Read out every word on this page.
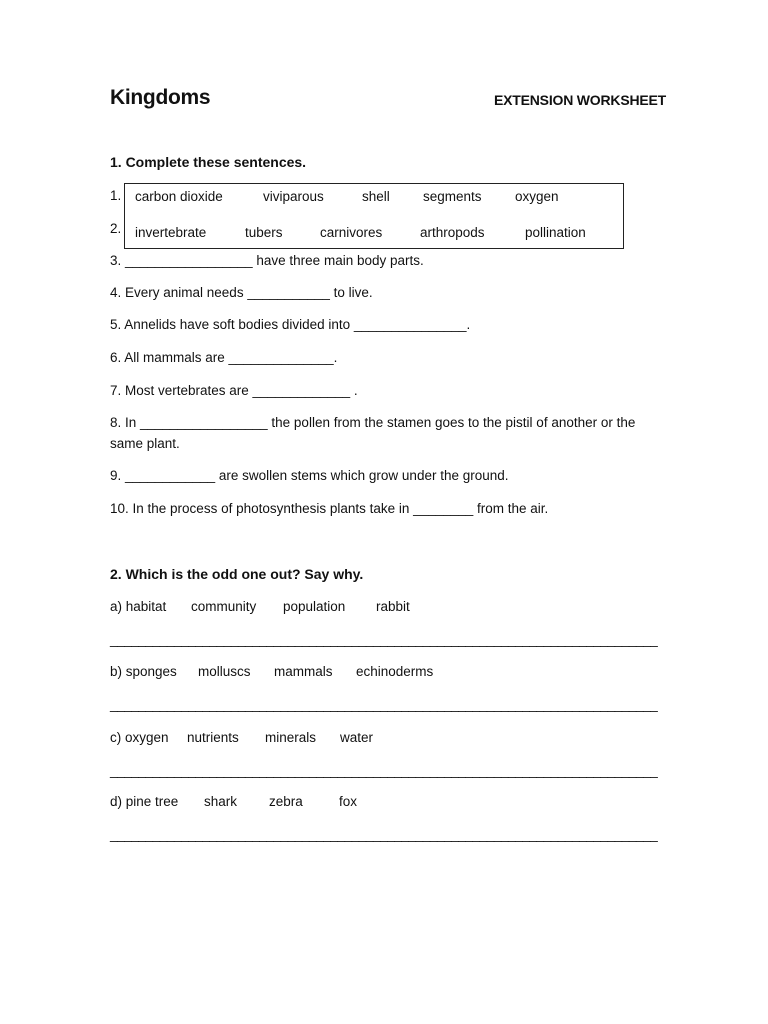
Kingdoms	EXTENSION WORKSHEET
1. Complete these sentences.
1.
2.
carbon dioxide	viviparous	shell segments oxygen
invertebrate	tubers	carnivores	arthropods	pollination
3. _________________ have three main body parts.
4. Every animal needs ___________ to live.
5. Annelids have soft bodies divided into _______________.
6. All mammals are ______________.
7. Most vertebrates are _____________ .
8. In _________________ the pollen from the stamen goes to the pistil of another or the same plant.
9. ____________ are swollen stems which grow under the ground.
10. In the process of photosynthesis plants take in ________ from the air.
2. Which is the odd one out? Say why.
a) habitat community population rabbit
_____________________________________________________________________________
b) sponges molluscs mammals echinoderms
_____________________________________________________________________________
c) oxygen nutrients minerals water
_____________________________________________________________________________
d) pine tree shark zebra	fox
_____________________________________________________________________________
